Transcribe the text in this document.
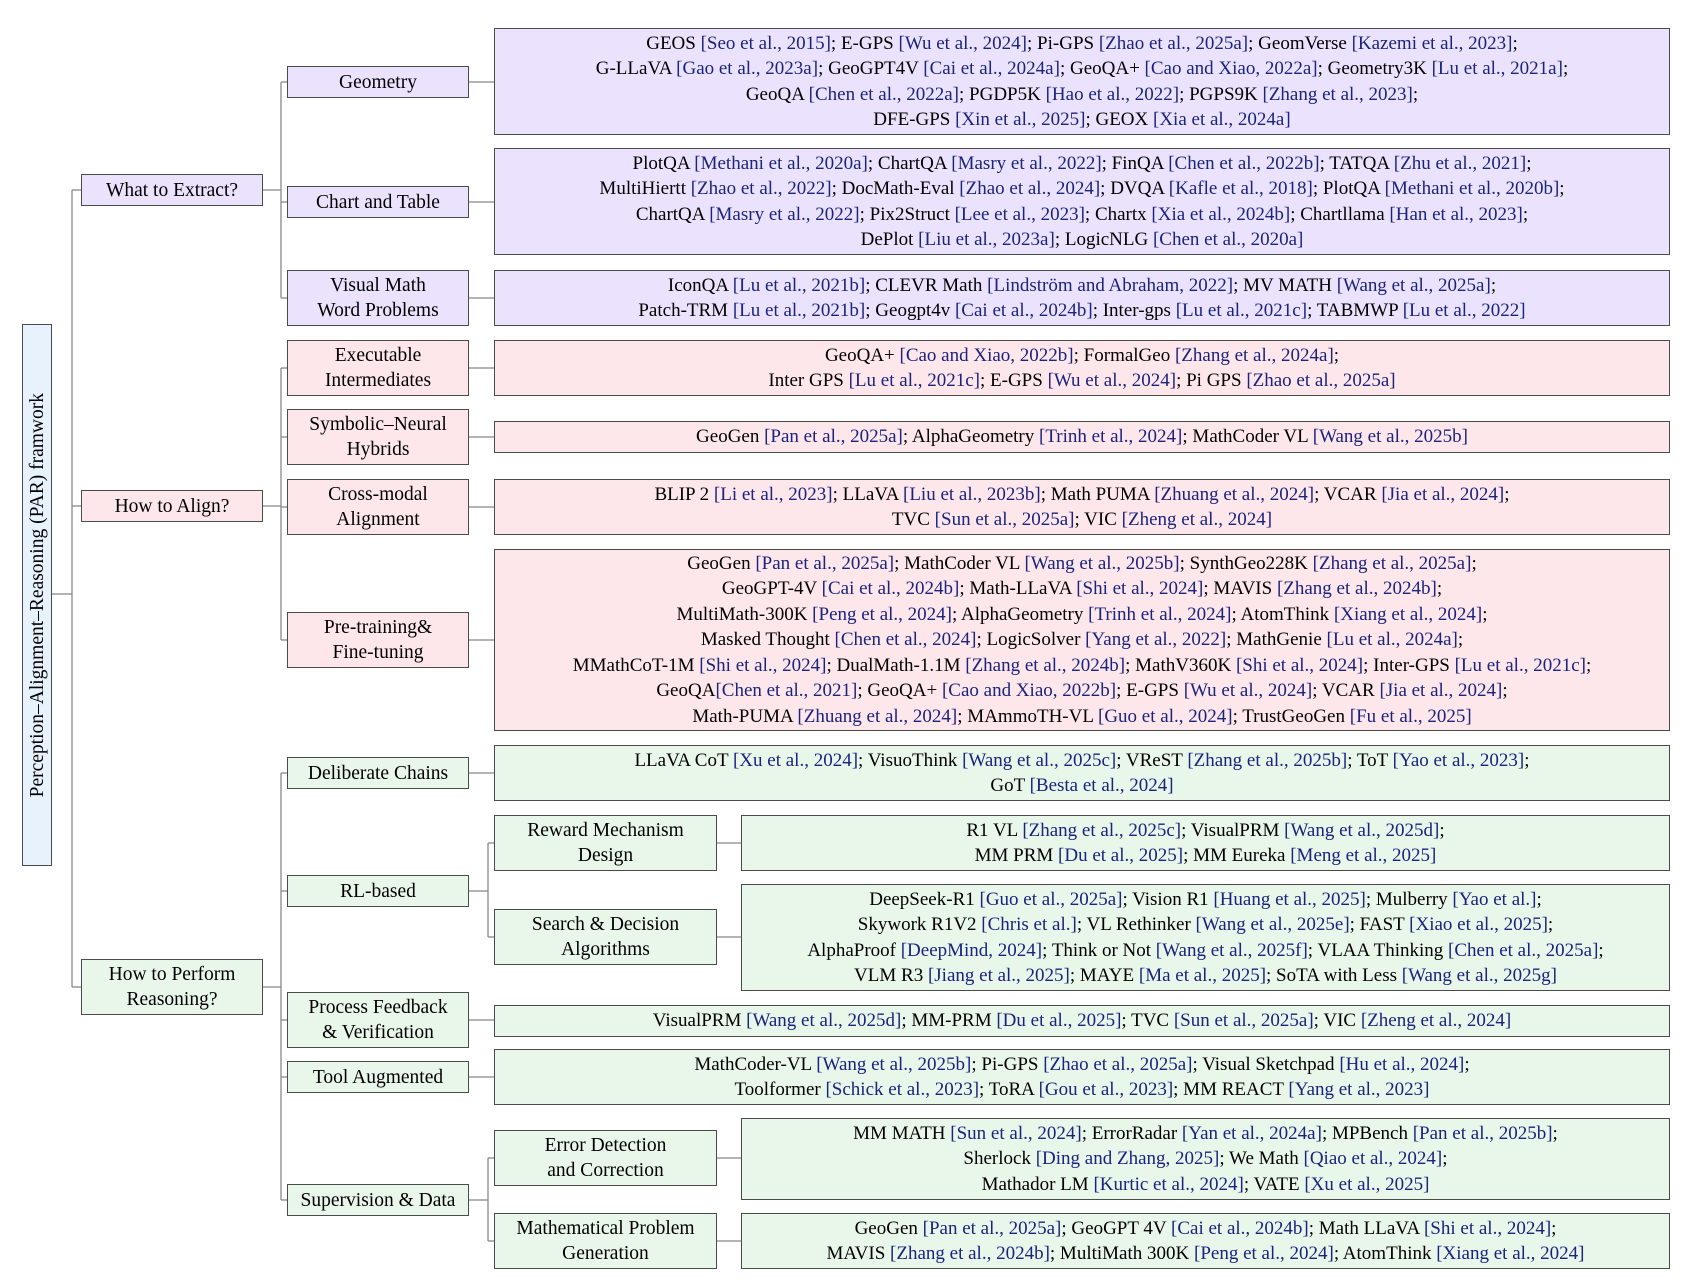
Perception–Alignment–Reasoning (PAR) framwork
What to Extract?
How to Align?
How to Perform
Reasoning?
Geometry
Chart and Table
Visual Math
Word Problems
Executable
Intermediates
Symbolic–Neural
Hybrids
Cross-modal
Alignment
Pre-training&
Fine-tuning
Deliberate Chains
RL-based
Process Feedback
& Verification
Tool Augmented
Supervision & Data
Reward Mechanism
Design
Search & Decision
Algorithms
Error Detection
and Correction
Mathematical Problem
Generation
GEOS [Seo et al., 2015]; E-GPS [Wu et al., 2024]; Pi-GPS [Zhao et al., 2025a]; GeomVerse [Kazemi et al., 2023];
G-LLaVA [Gao et al., 2023a]; GeoGPT4V [Cai et al., 2024a]; GeoQA+ [Cao and Xiao, 2022a]; Geometry3K [Lu et al., 2021a];
GeoQA [Chen et al., 2022a]; PGDP5K [Hao et al., 2022]; PGPS9K [Zhang et al., 2023];
DFE-GPS [Xin et al., 2025]; GEOX [Xia et al., 2024a]
PlotQA [Methani et al., 2020a]; ChartQA [Masry et al., 2022]; FinQA [Chen et al., 2022b]; TATQA [Zhu et al., 2021];
MultiHiertt [Zhao et al., 2022]; DocMath-Eval [Zhao et al., 2024]; DVQA [Kafle et al., 2018]; PlotQA [Methani et al., 2020b];
ChartQA [Masry et al., 2022]; Pix2Struct [Lee et al., 2023]; Chartx [Xia et al., 2024b]; Chartllama [Han et al., 2023];
DePlot [Liu et al., 2023a]; LogicNLG [Chen et al., 2020a]
IconQA [Lu et al., 2021b]; CLEVR Math [Lindström and Abraham, 2022]; MV MATH [Wang et al., 2025a];
Patch-TRM [Lu et al., 2021b]; Geogpt4v [Cai et al., 2024b]; Inter-gps [Lu et al., 2021c]; TABMWP [Lu et al., 2022]
GeoQA+ [Cao and Xiao, 2022b]; FormalGeo [Zhang et al., 2024a];
Inter GPS [Lu et al., 2021c]; E-GPS [Wu et al., 2024]; Pi GPS [Zhao et al., 2025a]
GeoGen [Pan et al., 2025a]; AlphaGeometry [Trinh et al., 2024]; MathCoder VL [Wang et al., 2025b]
BLIP 2 [Li et al., 2023]; LLaVA [Liu et al., 2023b]; Math PUMA [Zhuang et al., 2024]; VCAR [Jia et al., 2024];
TVC [Sun et al., 2025a]; VIC [Zheng et al., 2024]
GeoGen [Pan et al., 2025a]; MathCoder VL [Wang et al., 2025b]; SynthGeo228K [Zhang et al., 2025a];
GeoGPT-4V [Cai et al., 2024b]; Math-LLaVA [Shi et al., 2024]; MAVIS [Zhang et al., 2024b];
MultiMath-300K [Peng et al., 2024]; AlphaGeometry [Trinh et al., 2024]; AtomThink [Xiang et al., 2024];
Masked Thought [Chen et al., 2024]; LogicSolver [Yang et al., 2022]; MathGenie [Lu et al., 2024a];
MMathCoT-1M [Shi et al., 2024]; DualMath-1.1M [Zhang et al., 2024b]; MathV360K [Shi et al., 2024]; Inter-GPS [Lu et al., 2021c];
GeoQA[Chen et al., 2021]; GeoQA+ [Cao and Xiao, 2022b]; E-GPS [Wu et al., 2024]; VCAR [Jia et al., 2024];
Math-PUMA [Zhuang et al., 2024]; MAmmoTH-VL [Guo et al., 2024]; TrustGeoGen [Fu et al., 2025]
LLaVA CoT [Xu et al., 2024]; VisuoThink [Wang et al., 2025c]; VReST [Zhang et al., 2025b]; ToT [Yao et al., 2023];
GoT [Besta et al., 2024]
R1 VL [Zhang et al., 2025c]; VisualPRM [Wang et al., 2025d];
MM PRM [Du et al., 2025]; MM Eureka [Meng et al., 2025]
DeepSeek-R1 [Guo et al., 2025a]; Vision R1 [Huang et al., 2025]; Mulberry [Yao et al.];
Skywork R1V2 [Chris et al.]; VL Rethinker [Wang et al., 2025e]; FAST [Xiao et al., 2025];
AlphaProof [DeepMind, 2024]; Think or Not [Wang et al., 2025f]; VLAA Thinking [Chen et al., 2025a];
VLM R3 [Jiang et al., 2025]; MAYE [Ma et al., 2025]; SoTA with Less [Wang et al., 2025g]
VisualPRM [Wang et al., 2025d]; MM-PRM [Du et al., 2025]; TVC [Sun et al., 2025a]; VIC [Zheng et al., 2024]
MathCoder-VL [Wang et al., 2025b]; Pi-GPS [Zhao et al., 2025a]; Visual Sketchpad [Hu et al., 2024];
Toolformer [Schick et al., 2023]; ToRA [Gou et al., 2023]; MM REACT [Yang et al., 2023]
MM MATH [Sun et al., 2024]; ErrorRadar [Yan et al., 2024a]; MPBench [Pan et al., 2025b];
Sherlock [Ding and Zhang, 2025]; We Math [Qiao et al., 2024];
Mathador LM [Kurtic et al., 2024]; VATE [Xu et al., 2025]
GeoGen [Pan et al., 2025a]; GeoGPT 4V [Cai et al., 2024b]; Math LLaVA [Shi et al., 2024];
MAVIS [Zhang et al., 2024b]; MultiMath 300K [Peng et al., 2024]; AtomThink [Xiang et al., 2024]
